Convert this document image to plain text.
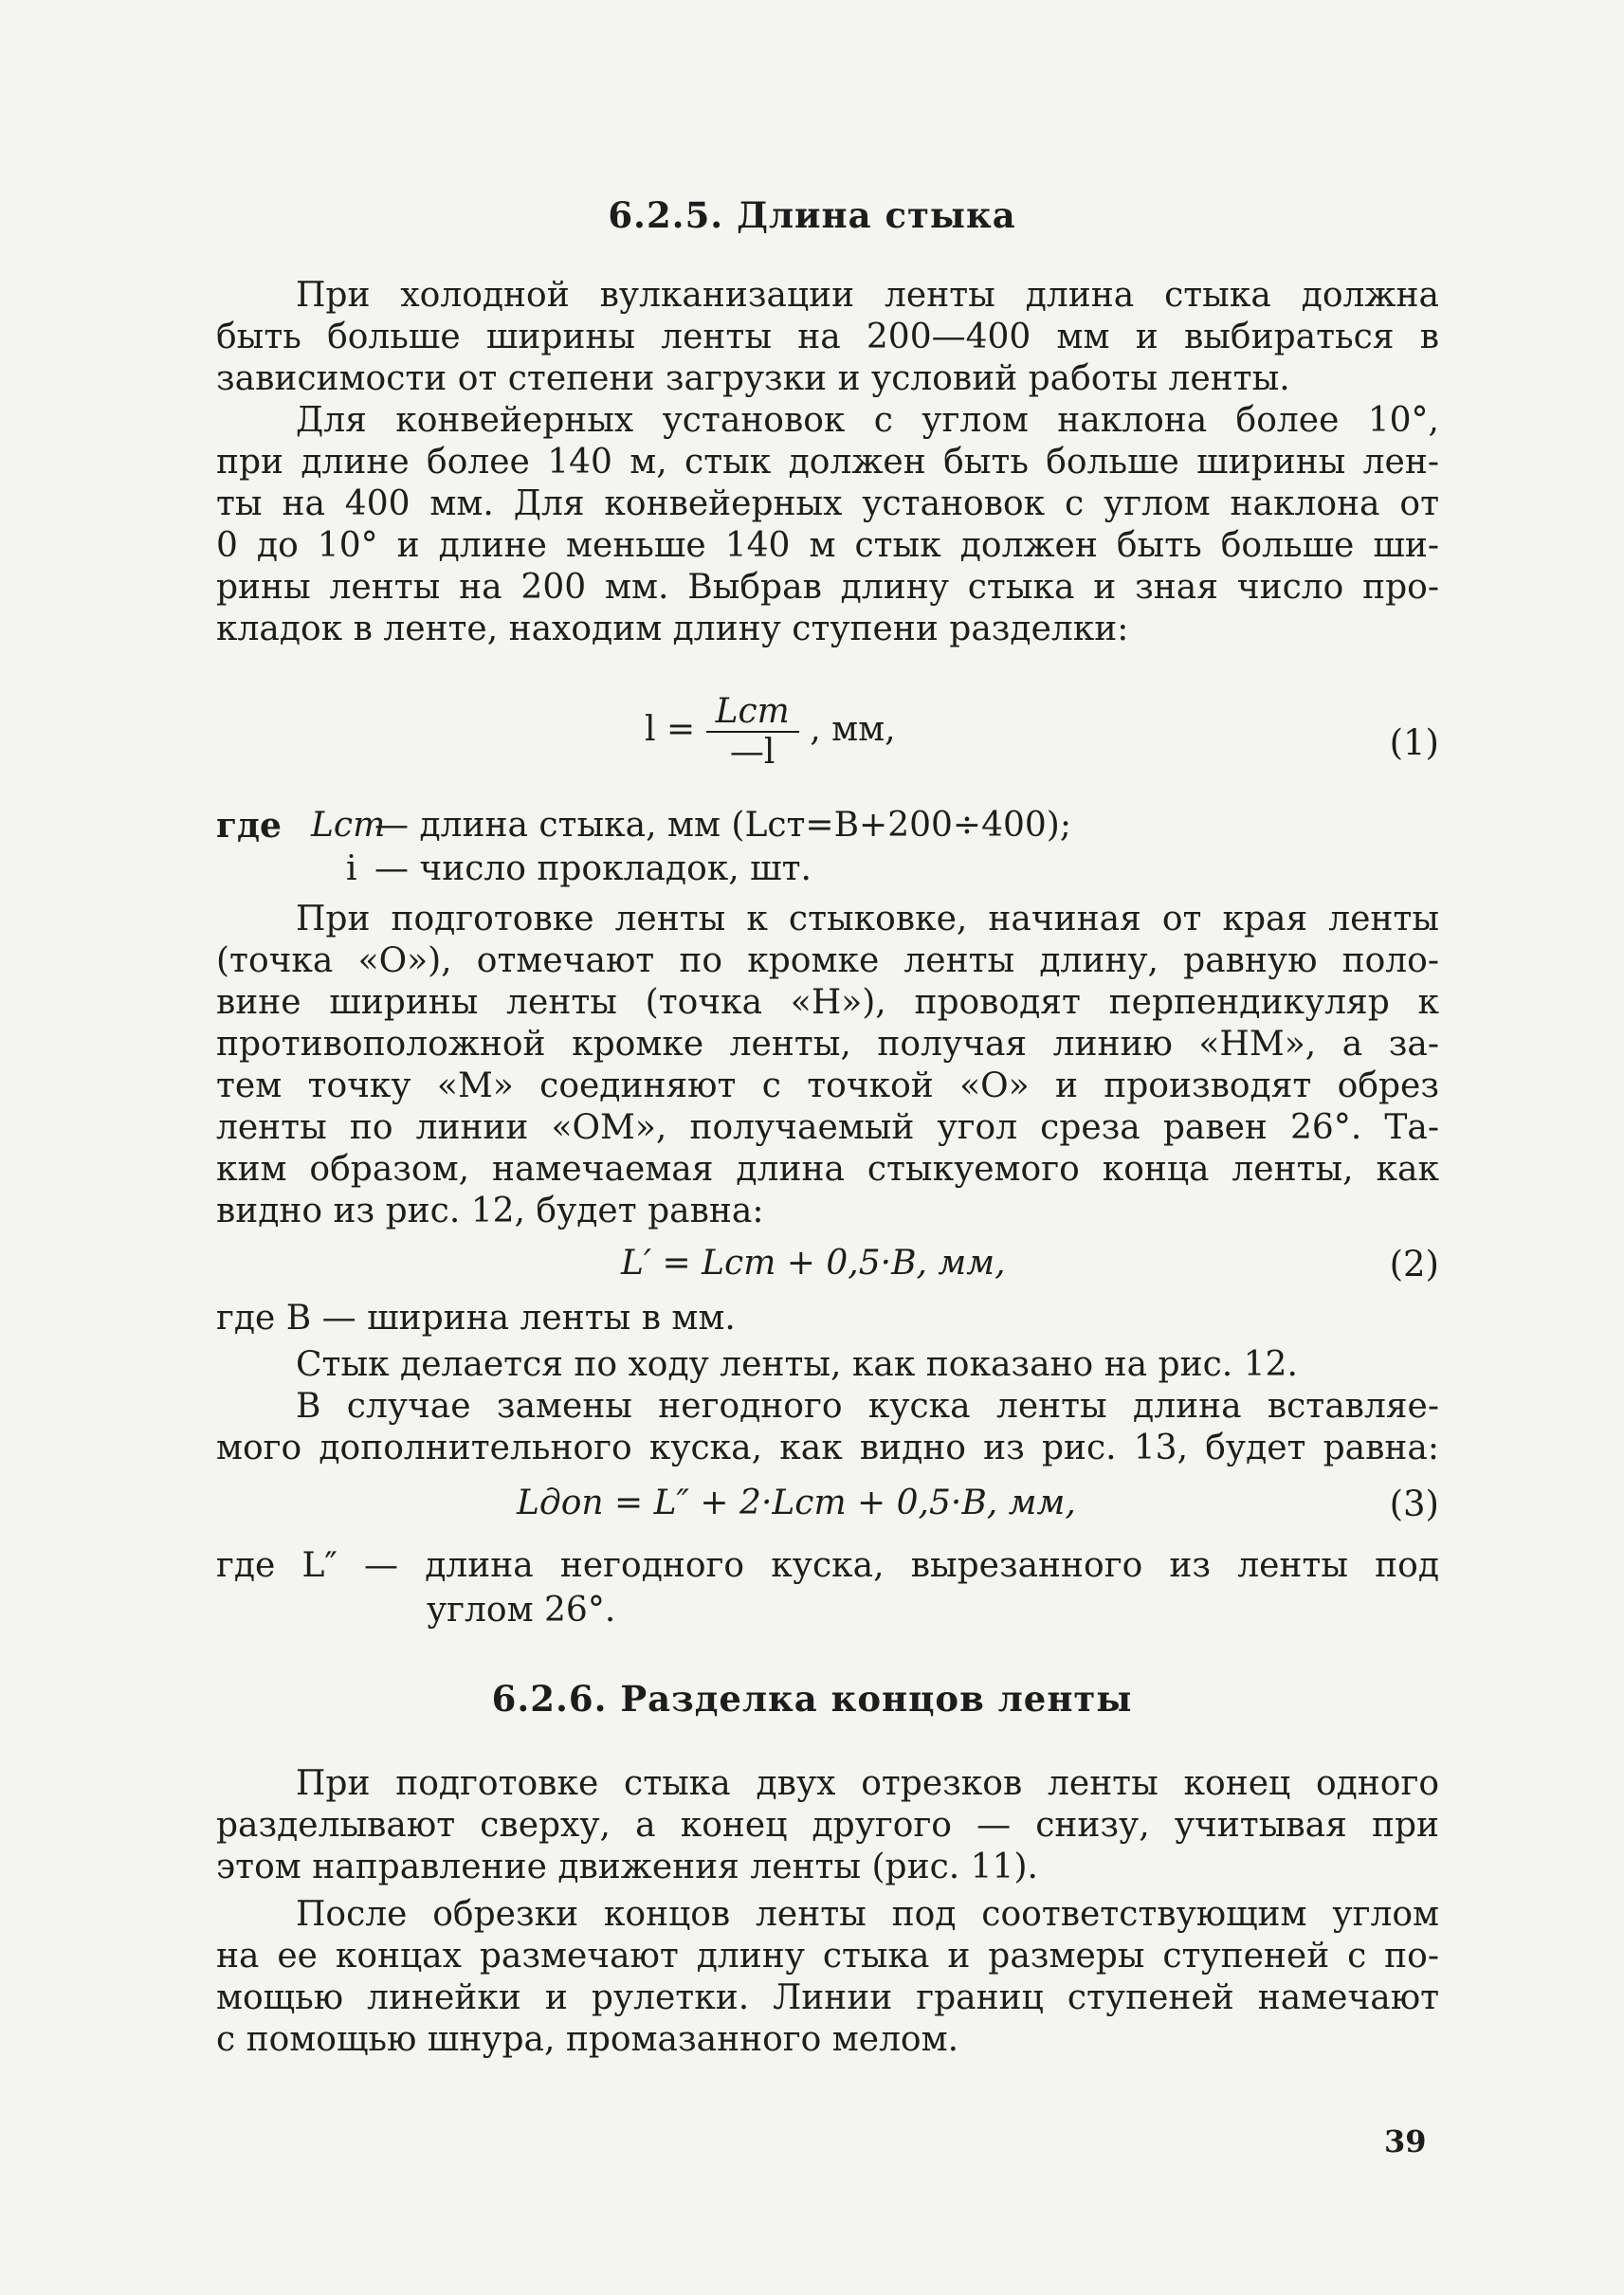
6.2.5. Длина стыка
При холодной вулканизации ленты длина стыка должна
быть больше ширины ленты на 200—400 мм и выбираться в
зависимости от степени загрузки и условий работы ленты.
Для конвейерных установок с углом наклона более 10°,
при длине более 140 м, стык должен быть больше ширины лен-
ты на 400 мм. Для конвейерных установок с углом наклона от
0 до 10° и длине меньше 140 м стык должен быть больше ши-
рины ленты на 200 мм. Выбрав длину стыка и зная число про-
кладок в ленте, находим длину ступени разделки:
$l = \frac{\text{Lст}}{—l}$ , мм,	(1)
где Lст
— длина стыка, мм (Lст=B+200÷400);
i — число прокладок, шт.
При подготовке ленты к стыковке, начиная от края ленты
(точка «О»), отмечают по кромке ленты длину, равную поло-
вине ширины ленты (точка «Н»), проводят перпендикуляр к
противоположной кромке ленты, получая линию «НМ», а за-
тем точку «М» соединяют с точкой «О» и производят обрез
ленты по линии «ОМ», получаемый угол среза равен 26°. Та-
ким образом, намечаемая длина стыкуемого конца ленты, как
видно из рис. 12, будет равна:
L′ = Lст + 0,5·B, мм,	(2)
где B — ширина ленты в мм.
Стык делается по ходу ленты, как показано на рис. 12.
В случае замены негодного куска ленты длина вставляе-
мого дополнительного куска, как видно из рис. 13, будет равна:
Lдоп = L″ + 2·Lст + 0,5·B, мм,	(3)
где L″ — длина негодного куска, вырезанного из ленты под
углом 26°.
6.2.6. Разделка концов ленты
При подготовке стыка двух отрезков ленты конец одного
разделывают сверху, а конец другого — снизу, учитывая при
этом направление движения ленты (рис. 11).
После обрезки концов ленты под соответствующим углом
на ее концах размечают длину стыка и размеры ступеней с по-
мощью линейки и рулетки. Линии границ ступеней намечают
с помощью шнура, промазанного мелом.
39
